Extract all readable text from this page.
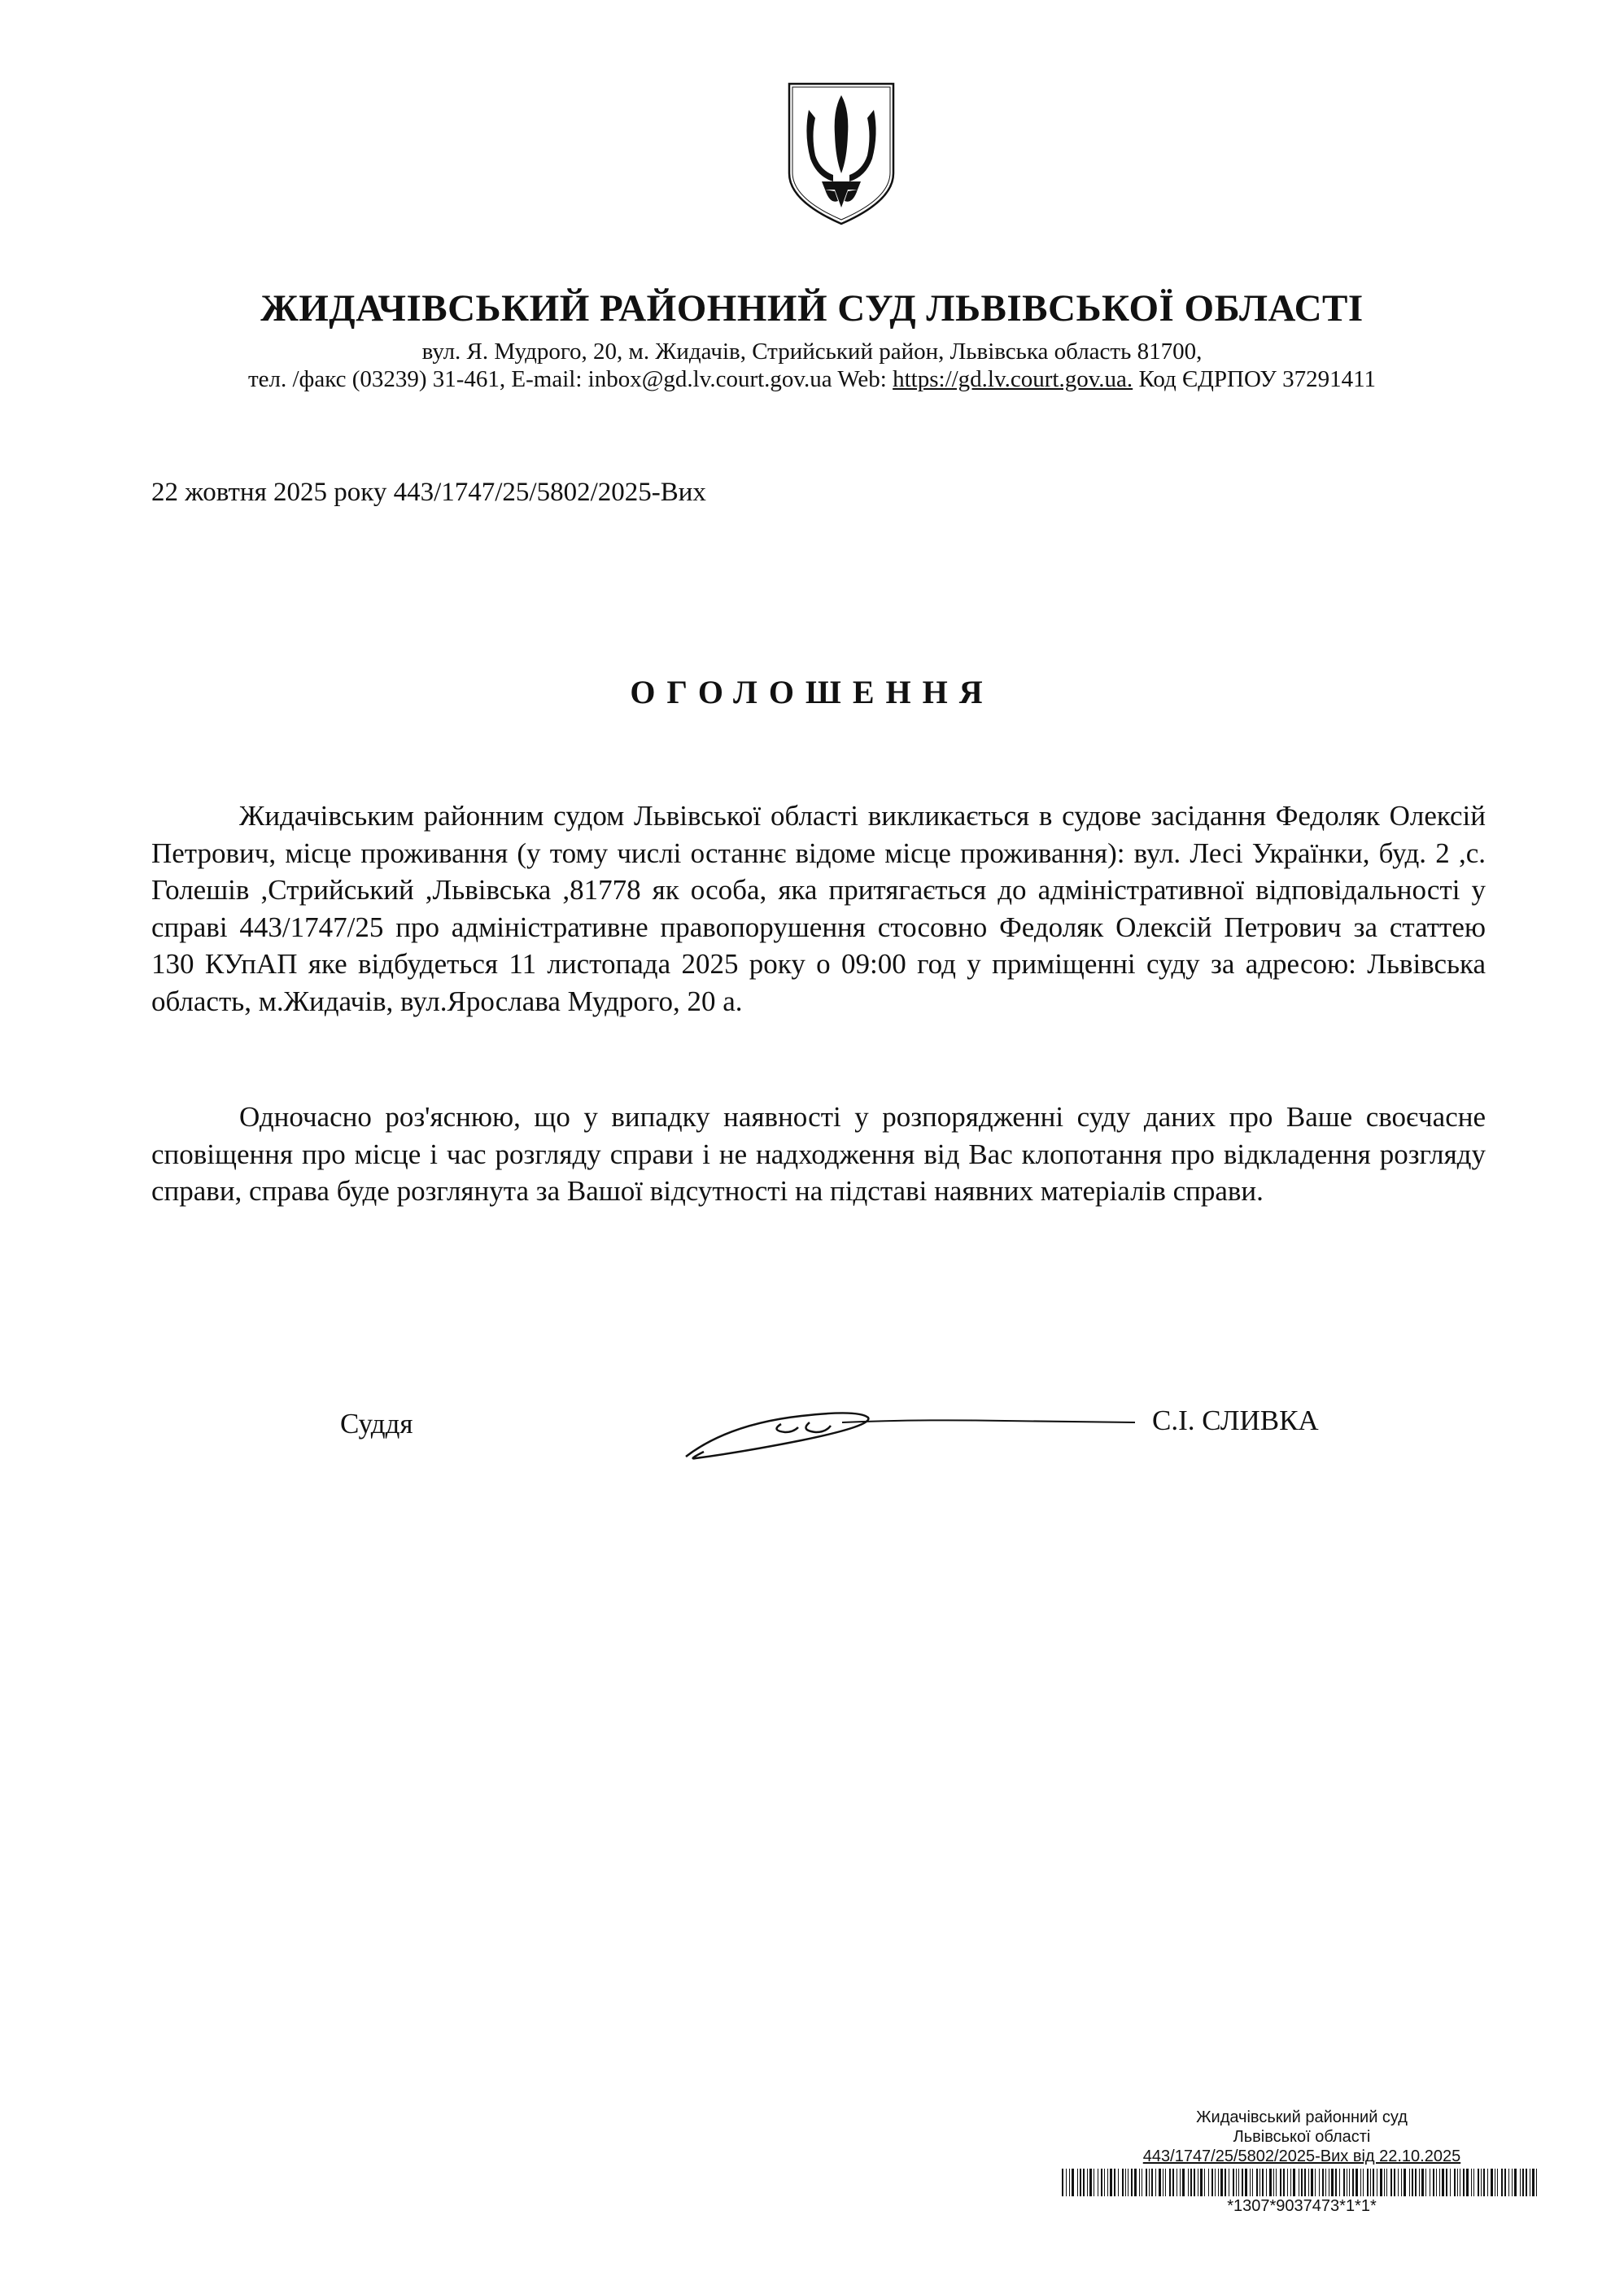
ЖИДАЧІВСЬКИЙ РАЙОННИЙ СУД ЛЬВІВСЬКОЇ ОБЛАСТІ
вул. Я. Мудрого, 20, м. Жидачів, Стрийський район, Львівська область 81700,
тел. /факс (03239) 31-461, E-mail: inbox@gd.lv.court.gov.ua Web: https://gd.lv.court.gov.ua. Код ЄДРПОУ 37291411
22 жовтня 2025 року 443/1747/25/5802/2025-Вих
ОГОЛОШЕННЯ
Жидачівським районним судом Львівської області викликається в судове засідання Федоляк Олексій Петрович, місце проживання (у тому числі останнє відоме місце проживання): вул. Лесі Українки, буд. 2 ,с. Голешів ,Стрийський ,Львівська ,81778 як особа, яка притягається до адміністративної відповідальності у справі 443/1747/25 про адміністративне правопорушення стосовно Федоляк Олексій Петрович за статтею 130 КУпАП яке відбудеться 11 листопада 2025 року о 09:00 год у приміщенні суду за адресою: Львівська область, м.Жидачів, вул.Ярослава Мудрого, 20 а.
Одночасно роз'яснюю, що у випадку наявності у розпорядженні суду даних про Ваше своєчасне сповіщення про місце і час розгляду справи і не надходження від Вас клопотання про відкладення розгляду справи, справа буде розглянута за Вашої відсутності на підставі наявних матеріалів справи.
Суддя	С.І. СЛИВКА
Жидачівський районний суд
Львівської області
443/1747/25/5802/2025-Вих від 22.10.2025
*1307*9037473*1*1*
